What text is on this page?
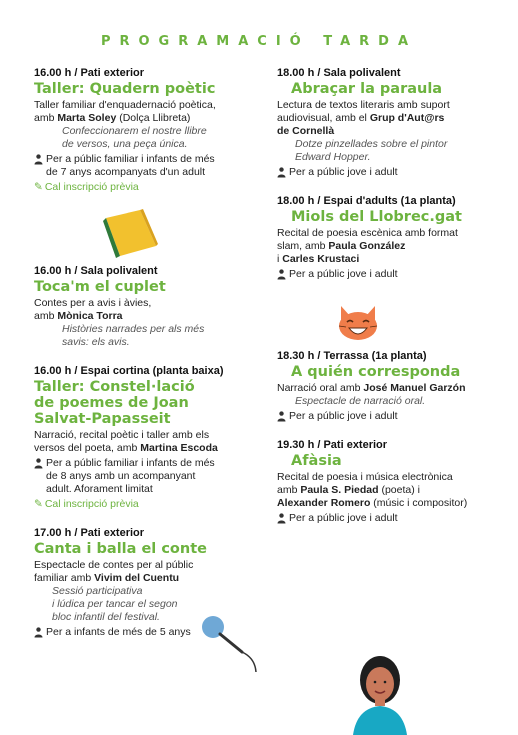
PROGRAMACIÓ TARDA
16.00 h / Pati exterior
Taller: Quadern poètic
Taller familiar d'enquadernació poètica,
amb Marta Soley (Dolça Llibreta)
Confeccionarem el nostre llibre
de versos, una peça única.
Per a públic familiar i infants de més
de 7 anys acompanyats d'un adult
✎ Cal inscripció prèvia
16.00 h / Sala polivalent
Toca'm el cuplet
Contes per a avis i àvies,
amb Mònica Torra
Històries narrades per als més
savis: els avis.
16.00 h / Espai cortina (planta baixa)
Taller: Constel·lació
de poemes de Joan
Salvat-Papasseit
Narració, recital poètic i taller amb els
versos del poeta, amb Martina Escoda
Per a públic familiar i infants de més
de 8 anys amb un acompanyant
adult. Aforament limitat
✎ Cal inscripció prèvia
17.00 h / Pati exterior
Canta i balla el conte
Espectacle de contes per al públic
familiar amb Vivim del Cuentu
Sessió participativa
i lúdica per tancar el segon
bloc infantil del festival.
Per a infants de més de 5 anys
18.00 h / Sala polivalent
Abraçar la paraula
Lectura de textos literaris amb suport
audiovisual, amb el Grup d'Aut@rs
de Cornellà
Dotze pinzellades sobre el pintor
Edward Hopper.
Per a públic jove i adult
18.00 h / Espai d'adults (1a planta)
Miols del Llobrec.gat
Recital de poesia escènica amb format
slam, amb Paula González
i Carles Krustaci
Per a públic jove i adult
18.30 h / Terrassa (1a planta)
A quién corresponda
Narració oral amb José Manuel Garzón
Espectacle de narració oral.
Per a públic jove i adult
19.30 h / Pati exterior
Afàsia
Recital de poesia i música electrònica
amb Paula S. Piedad (poeta) i
Alexander Romero (músic i compositor)
Per a públic jove i adult
